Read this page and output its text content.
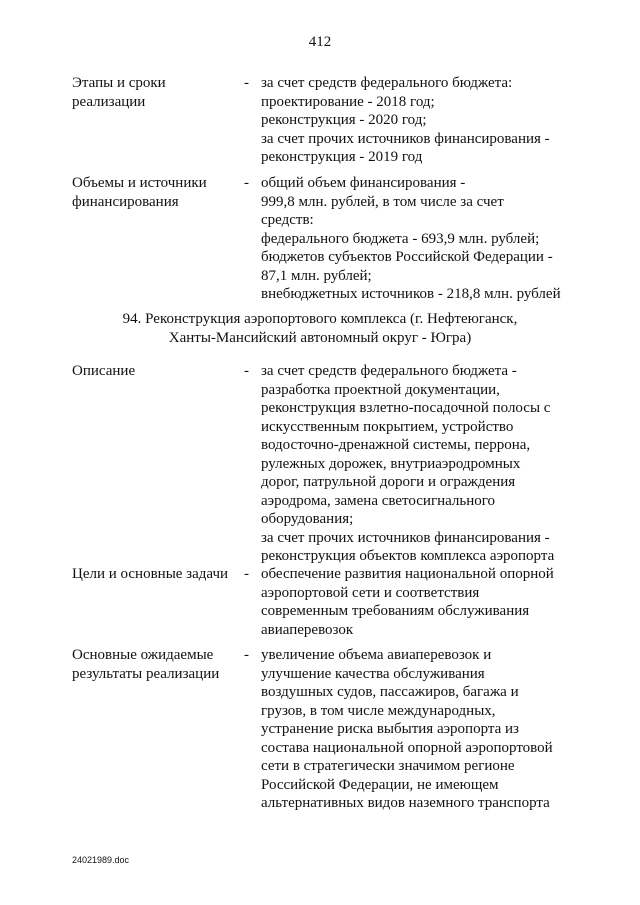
412
Этапы и сроки
реализации
- за счет средств федерального бюджета:
проектирование - 2018 год;
реконструкция - 2020 год;
за счет прочих источников финансирования -
реконструкция - 2019 год
Объемы и источники
финансирования
- общий объем финансирования -
999,8 млн. рублей, в том числе за счет
средств:
федерального бюджета - 693,9 млн. рублей;
бюджетов субъектов Российской Федерации -
87,1 млн. рублей;
внебюджетных источников - 218,8 млн. рублей
94. Реконструкция аэропортового комплекса (г. Нефтеюганск,
Ханты-Мансийский автономный округ - Югра)
Описание	- за счет средств федерального бюджета -
разработка проектной документации,
реконструкция взлетно-посадочной полосы с
искусственным покрытием, устройство
водосточно-дренажной системы, перрона,
рулежных дорожек, внутриаэродромных
дорог, патрульной дороги и ограждения
аэродрома, замена светосигнального
оборудования;
за счет прочих источников финансирования -
реконструкция объектов комплекса аэропорта
Цели и основные задачи - обеспечение развития национальной опорной
аэропортовой сети и соответствия
современным требованиям обслуживания
авиаперевозок
Основные ожидаемые
результаты реализации
- увеличение объема авиаперевозок и
улучшение качества обслуживания
воздушных судов, пассажиров, багажа и
грузов, в том числе международных,
устранение риска выбытия аэропорта из
состава национальной опорной аэропортовой
сети в стратегически значимом регионе
Российской Федерации, не имеющем
альтернативных видов наземного транспорта
24021989.doc
